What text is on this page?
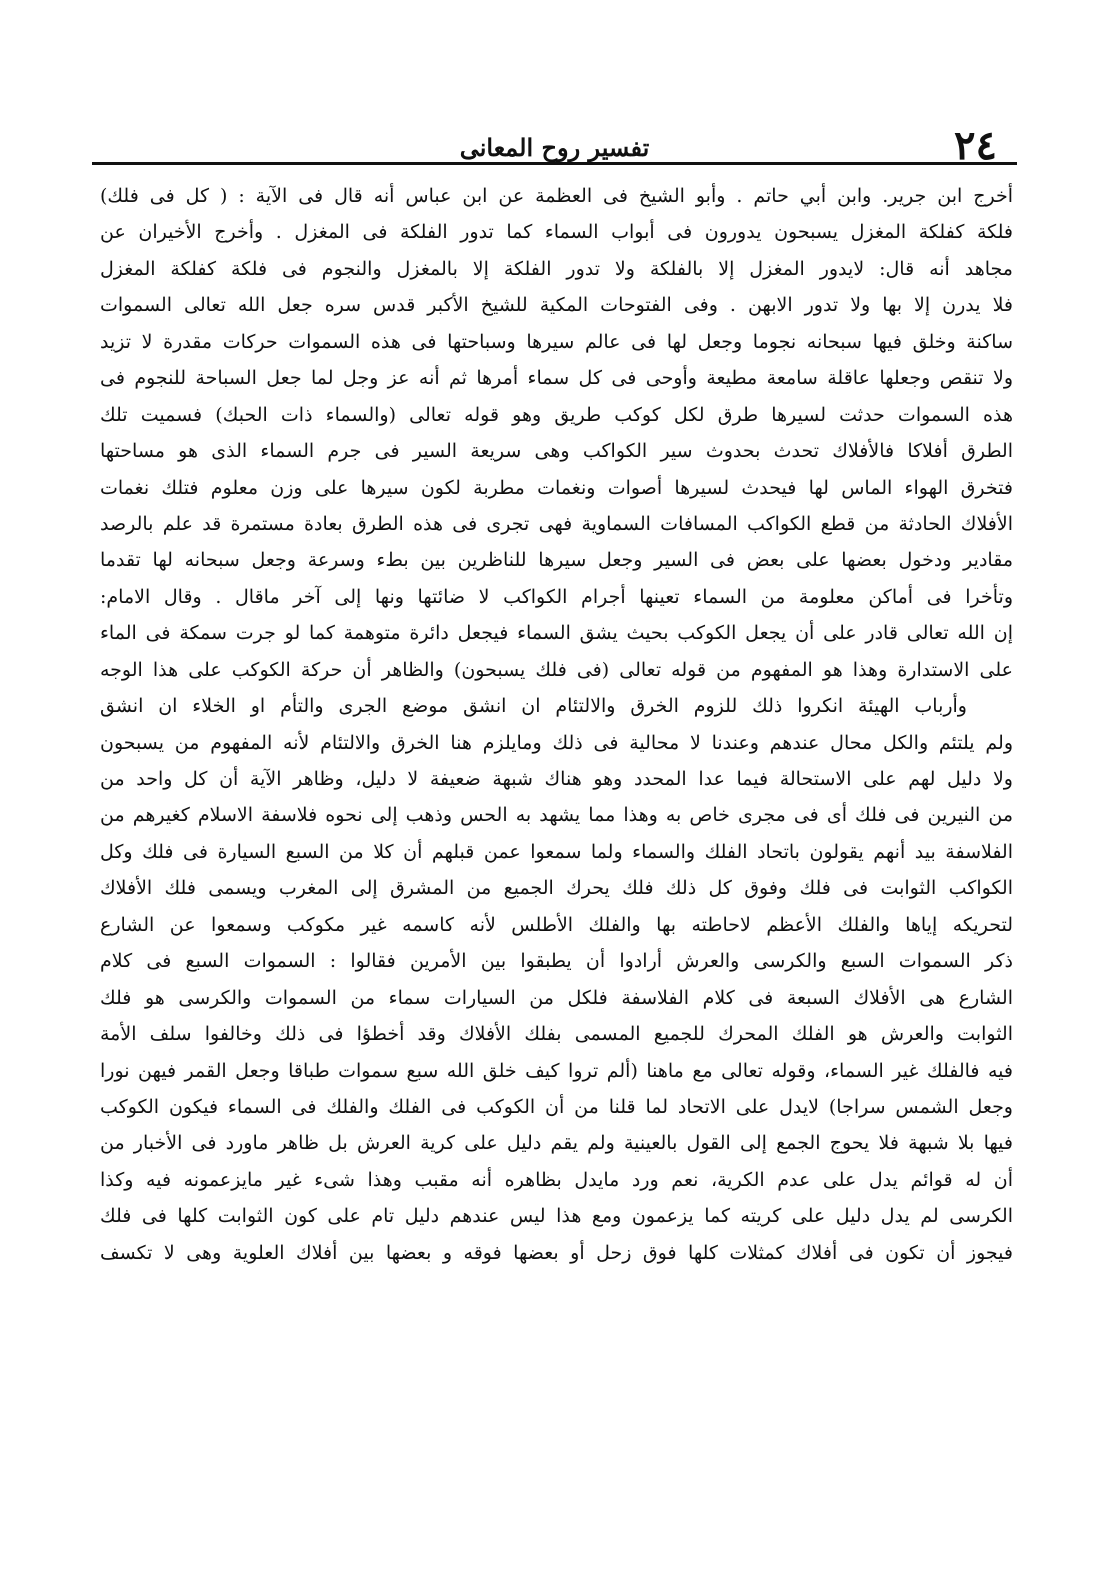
٢٤
تفسير روح المعانى
أخرج ابن جرير. وابن أبي حاتم . وأبو الشيخ فى العظمة عن ابن عباس أنه قال فى الآية : ( كل فى فلك)
فلكة كفلكة المغزل يسبحون يدورون فى أبواب السماء كما تدور الفلكة فى المغزل . وأخرج الأخيران عن
مجاهد أنه قال: لايدور المغزل إلا بالفلكة ولا تدور الفلكة إلا بالمغزل والنجوم فى فلكة كفلكة المغزل
فلا يدرن إلا بها ولا تدور الابهن . وفى الفتوحات المكية للشيخ الأكبر قدس سره جعل الله تعالى السموات
ساكنة وخلق فيها سبحانه نجوما وجعل لها فى عالم سيرها وسباحتها فى هذه السموات حركات مقدرة لا تزيد
ولا تنقص وجعلها عاقلة سامعة مطيعة وأوحى فى كل سماء أمرها ثم أنه عز وجل لما جعل السباحة للنجوم فى
هذه السموات حدثت لسيرها طرق لكل كوكب طريق وهو قوله تعالى (والسماء ذات الحبك) فسميت تلك
الطرق أفلاكا فالأفلاك تحدث بحدوث سير الكواكب وهى سريعة السير فى جرم السماء الذى هو مساحتها
فتخرق الهواء الماس لها فيحدث لسيرها أصوات ونغمات مطربة لكون سيرها على وزن معلوم فتلك نغمات
الأفلاك الحادثة من قطع الكواكب المسافات السماوية فهى تجرى فى هذه الطرق بعادة مستمرة قد علم بالرصد
مقادير ودخول بعضها على بعض فى السير وجعل سيرها للناظرين بين بطء وسرعة وجعل سبحانه لها تقدما
وتأخرا فى أماكن معلومة من السماء تعينها أجرام الكواكب لا ضائتها ونها إلى آخر ماقال . وقال الامام:
إن الله تعالى قادر على أن يجعل الكوكب بحيث يشق السماء فيجعل دائرة متوهمة كما لو جرت سمكة فى الماء
على الاستدارة وهذا هو المفهوم من قوله تعالى (فى فلك يسبحون) والظاهر أن حركة الكوكب على هذا الوجه
وأرباب الهيئة انكروا ذلك للزوم الخرق والالتئام ان انشق موضع الجرى والتأم او الخلاء ان انشق
ولم يلتئم والكل محال عندهم وعندنا لا محالية فى ذلك ومايلزم هنا الخرق والالتئام لأنه المفهوم من يسبحون
ولا دليل لهم على الاستحالة فيما عدا المحدد وهو هناك شبهة ضعيفة لا دليل، وظاهر الآية أن كل واحد من
من النيرين فى فلك أى فى مجرى خاص به وهذا مما يشهد به الحس وذهب إلى نحوه فلاسفة الاسلام كغيرهم من
الفلاسفة بيد أنهم يقولون باتحاد الفلك والسماء ولما سمعوا عمن قبلهم أن كلا من السبع السيارة فى فلك وكل
الكواكب الثوابت فى فلك وفوق كل ذلك فلك يحرك الجميع من المشرق إلى المغرب ويسمى فلك الأفلاك
لتحريكه إياها والفلك الأعظم لاحاطته بها والفلك الأطلس لأنه كاسمه غير مكوكب وسمعوا عن الشارع
ذكر السموات السبع والكرسى والعرش أرادوا أن يطبقوا بين الأمرين فقالوا : السموات السبع فى كلام
الشارع هى الأفلاك السبعة فى كلام الفلاسفة فلكل من السيارات سماء من السموات والكرسى هو فلك
الثوابت والعرش هو الفلك المحرك للجميع المسمى بفلك الأفلاك وقد أخطؤا فى ذلك وخالفوا سلف الأمة
فيه فالفلك غير السماء، وقوله تعالى مع ماهنا (ألم تروا كيف خلق الله سبع سموات طباقا وجعل القمر فيهن نورا
وجعل الشمس سراجا) لايدل على الاتحاد لما قلنا من أن الكوكب فى الفلك والفلك فى السماء فيكون الكوكب
فيها بلا شبهة فلا يحوج الجمع إلى القول بالعينية ولم يقم دليل على كرية العرش بل ظاهر ماورد فى الأخبار من
أن له قوائم يدل على عدم الكرية، نعم ورد مايدل بظاهره أنه مقبب وهذا شىء غير مايزعمونه فيه وكذا
الكرسى لم يدل دليل على كريته كما يزعمون ومع هذا ليس عندهم دليل تام على كون الثوابت كلها فى فلك
فيجوز أن تكون فى أفلاك كمثلات كلها فوق زحل أو بعضها فوقه و بعضها بين أفلاك العلوية وهى لا تكسف
